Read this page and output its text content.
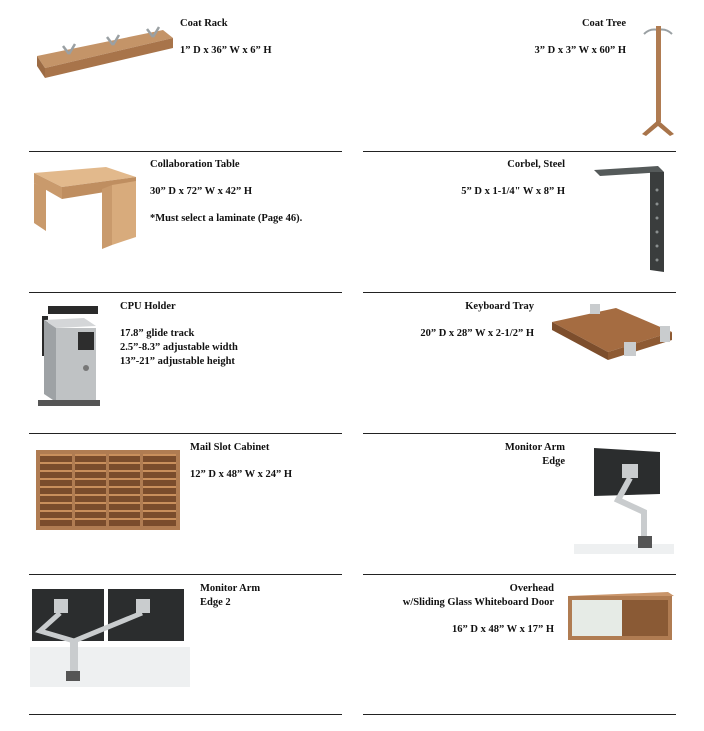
Coat Rack
1” D x 36” W x 6” H
Coat Tree
3” D x 3” W x 60” H
Collaboration Table
30” D x 72” W x 42” H
*Must select a laminate (Page 46).
Corbel, Steel
5” D x 1-1/4" W x 8” H
CPU Holder
17.8” glide track
2.5”-8.3” adjustable width
13”-21” adjustable height
Keyboard Tray
20” D x 28” W x 2-1/2” H
Mail Slot Cabinet
12” D x 48” W x 24” H
Monitor Arm
Edge
Monitor Arm
Edge 2
Overhead
w/Sliding Glass Whiteboard Door
16” D x 48” W x 17” H
